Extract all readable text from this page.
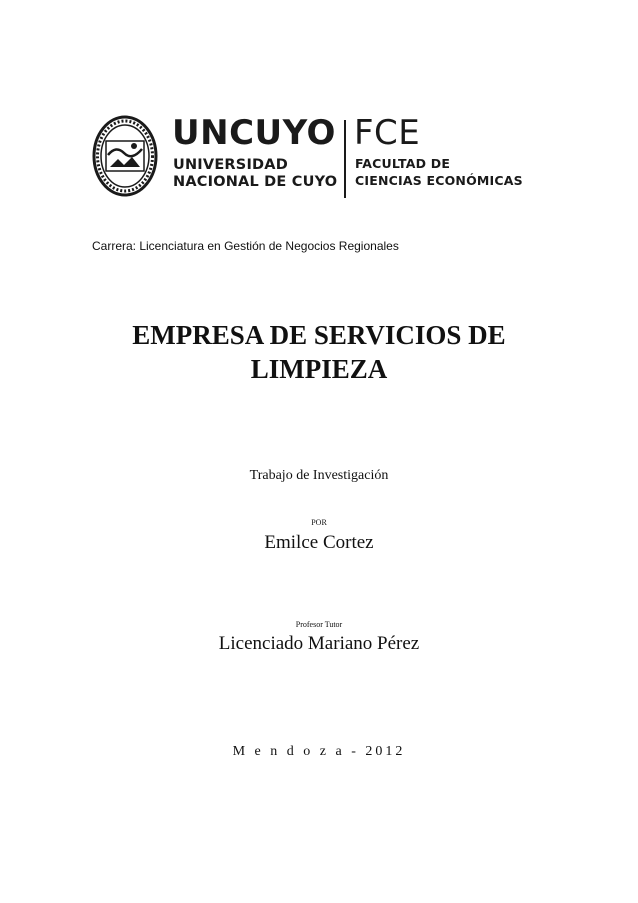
UNCUYO
UNIVERSIDAD
NACIONAL DE CUYO
FCE
FACULTAD DE
CIENCIAS ECONÓMICAS
Carrera: Licenciatura en Gestión de Negocios Regionales
EMPRESA DE SERVICIOS DE
LIMPIEZA
Trabajo de Investigación
POR
Emilce Cortez
Profesor Tutor
Licenciado Mariano Pérez
M e n d o z a - 2012
